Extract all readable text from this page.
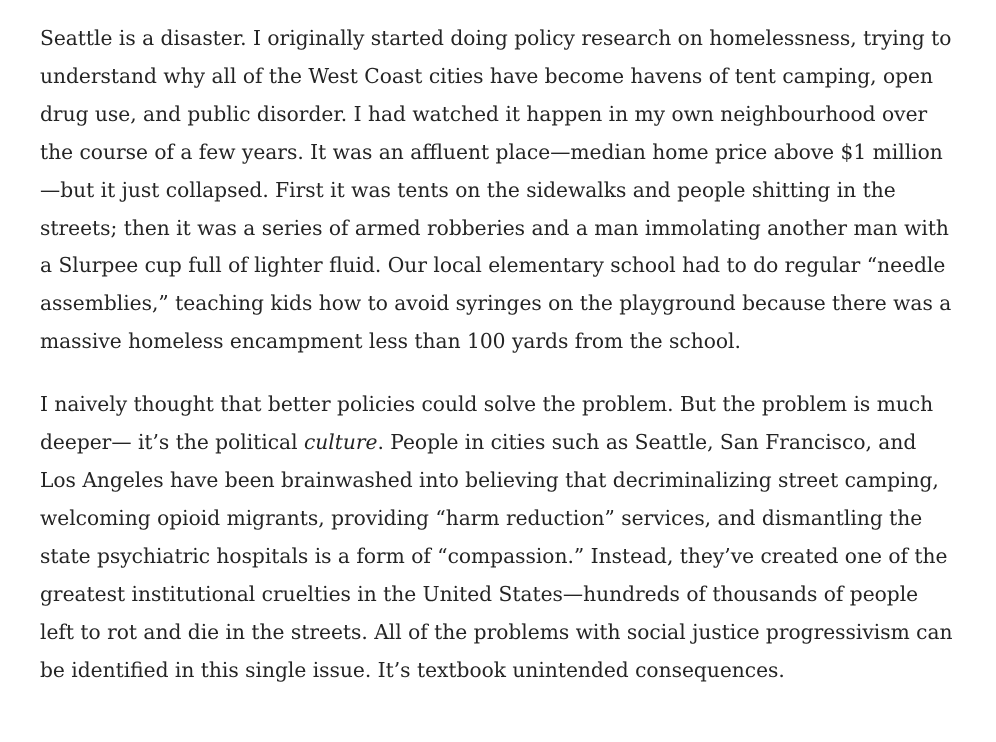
Seattle is a disaster. I originally started doing policy research on homelessness, trying to understand why all of the West Coast cities have become havens of tent camping, open drug use, and public disorder. I had watched it happen in my own neighbourhood over the course of a few years. It was an affluent place—median home price above $1 million—but it just collapsed. First it was tents on the sidewalks and people shitting in the streets; then it was a series of armed robberies and a man immolating another man with a Slurpee cup full of lighter fluid. Our local elementary school had to do regular “needle assemblies,” teaching kids how to avoid syringes on the playground because there was a massive homeless encampment less than 100 yards from the school.

I naively thought that better policies could solve the problem. But the problem is much deeper— it’s the political culture. People in cities such as Seattle, San Francisco, and Los Angeles have been brainwashed into believing that decriminalizing street camping, welcoming opioid migrants, providing “harm reduction” services, and dismantling the state psychiatric hospitals is a form of “compassion.” Instead, they’ve created one of the greatest institutional cruelties in the United States—hundreds of thousands of people left to rot and die in the streets. All of the problems with social justice progressivism can be identified in this single issue. It’s textbook unintended consequences.
